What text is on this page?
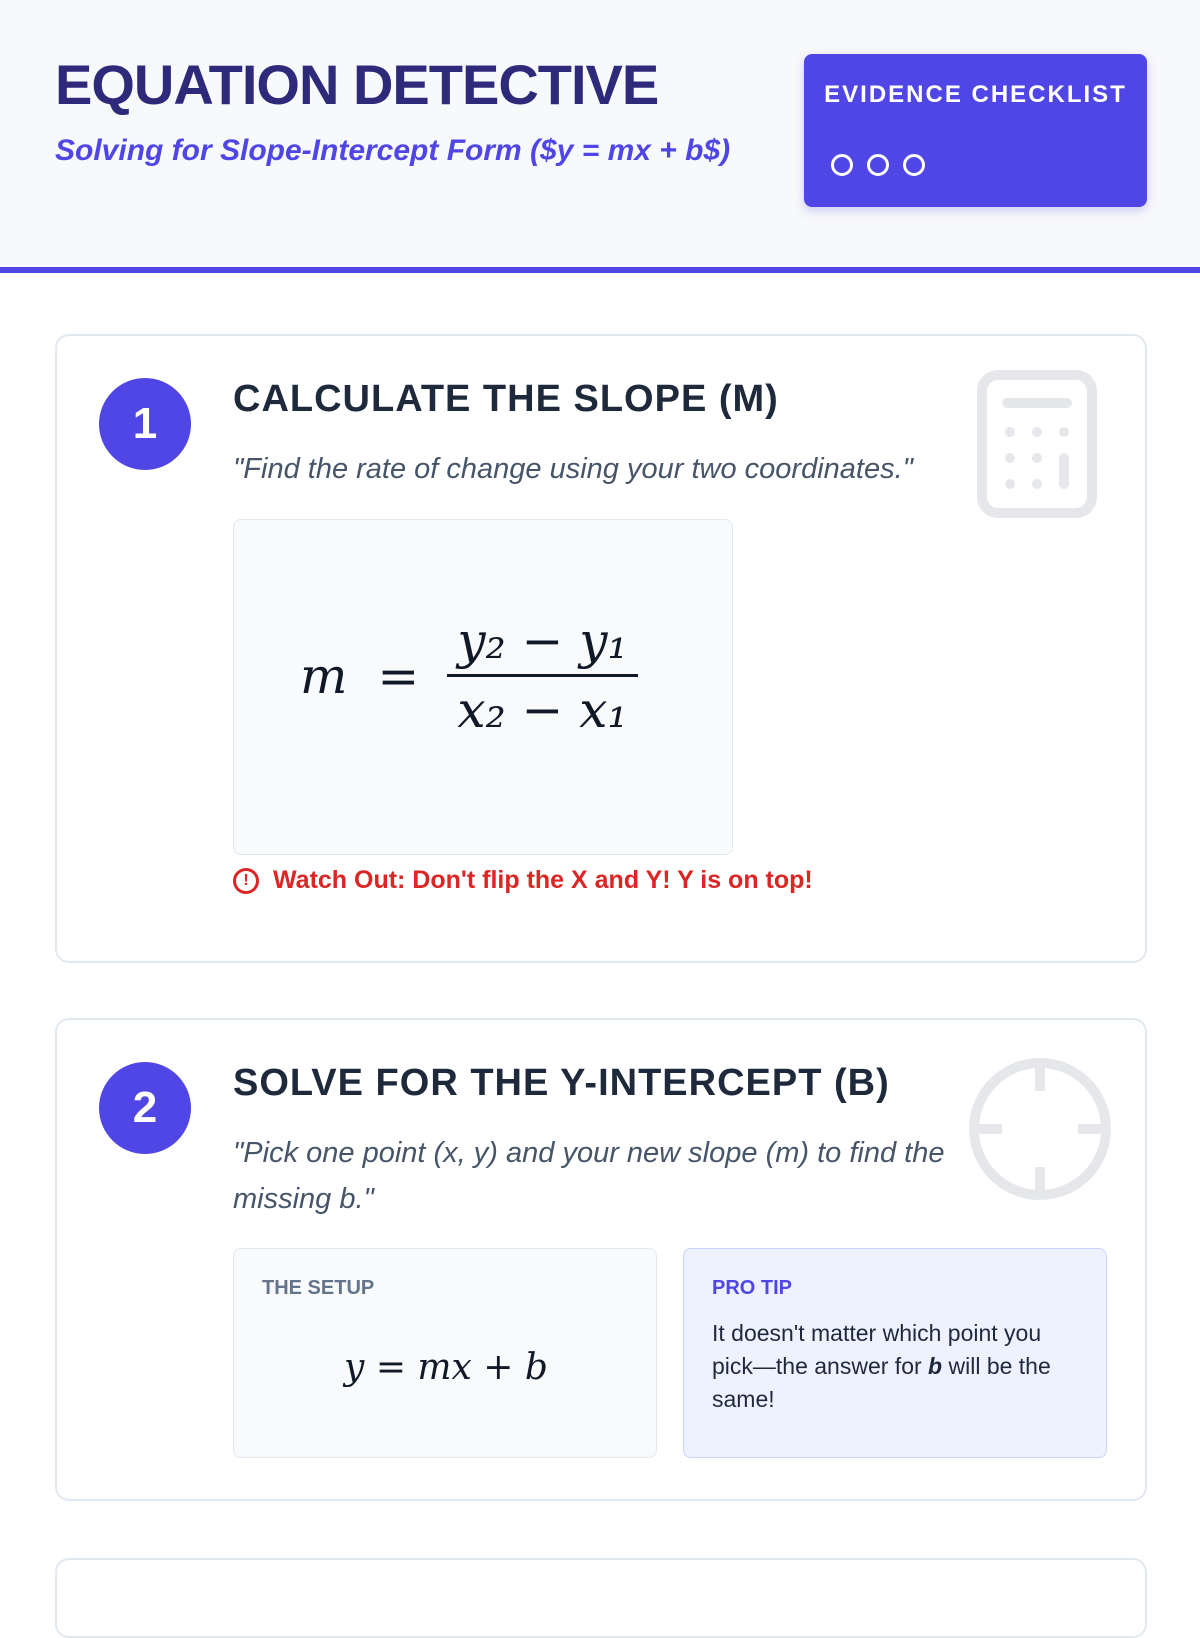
EQUATION DETECTIVE

Solving for Slope-Intercept Form ($y = mx + b$)

EVIDENCE CHECKLIST
1	CALCULATE THE SLOPE (M)

"Find the rate of change using your two coordinates."

$m = \frac{\text{y₂ − y₁}}{\text{x₂ − x₁}}$
! Watch Out: Don't flip the X and Y! Y is on top!
2	SOLVE FOR THE Y-INTERCEPT (B)

"Pick one point (x, y) and your new slope (m) to find the missing b."

THE SETUP
y = mx + b
PRO TIP
It doesn't matter which point you pick—the answer for b will be the same!
